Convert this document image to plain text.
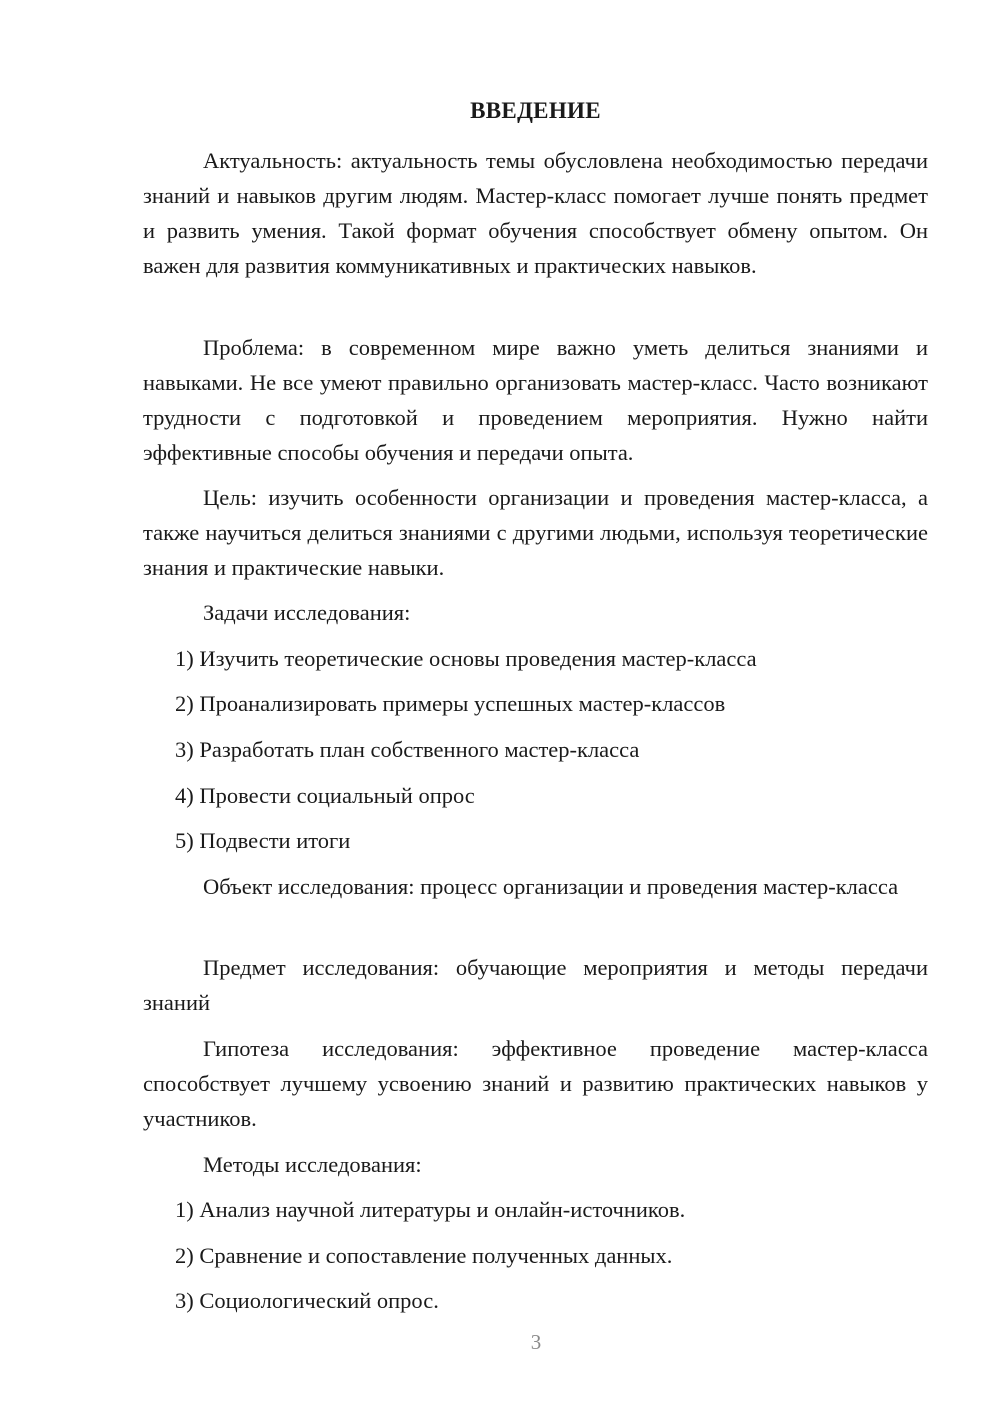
ВВЕДЕНИЕ

Актуальность: актуальность темы обусловлена необходимостью передачи знаний и навыков другим людям. Мастер-класс помогает лучше понять предмет и развить умения. Такой формат обучения способствует обмену опытом. Он важен для развития коммуникативных и практических навыков.

Проблема: в современном мире важно уметь делиться знаниями и навыками. Не все умеют правильно организовать мастер-класс. Часто возникают трудности с подготовкой и проведением мероприятия. Нужно найти эффективные способы обучения и передачи опыта.

Цель: изучить особенности организации и проведения мастер-класса, а также научиться делиться знаниями с другими людьми, используя теоретические знания и практические навыки.

Задачи исследования:

1) Изучить теоретические основы проведения мастер-класса

2) Проанализировать примеры успешных мастер-классов

3) Разработать план собственного мастер-класса

4) Провести социальный опрос

5) Подвести итоги

Объект исследования: процесс организации и проведения мастер-класса

Предмет исследования: обучающие мероприятия и методы передачи знаний

Гипотеза исследования: эффективное проведение мастер-класса способствует лучшему усвоению знаний и развитию практических навыков у участников.

Методы исследования:

1) Анализ научной литературы и онлайн-источников.

2) Сравнение и сопоставление полученных данных.

3) Социологический опрос.

3
